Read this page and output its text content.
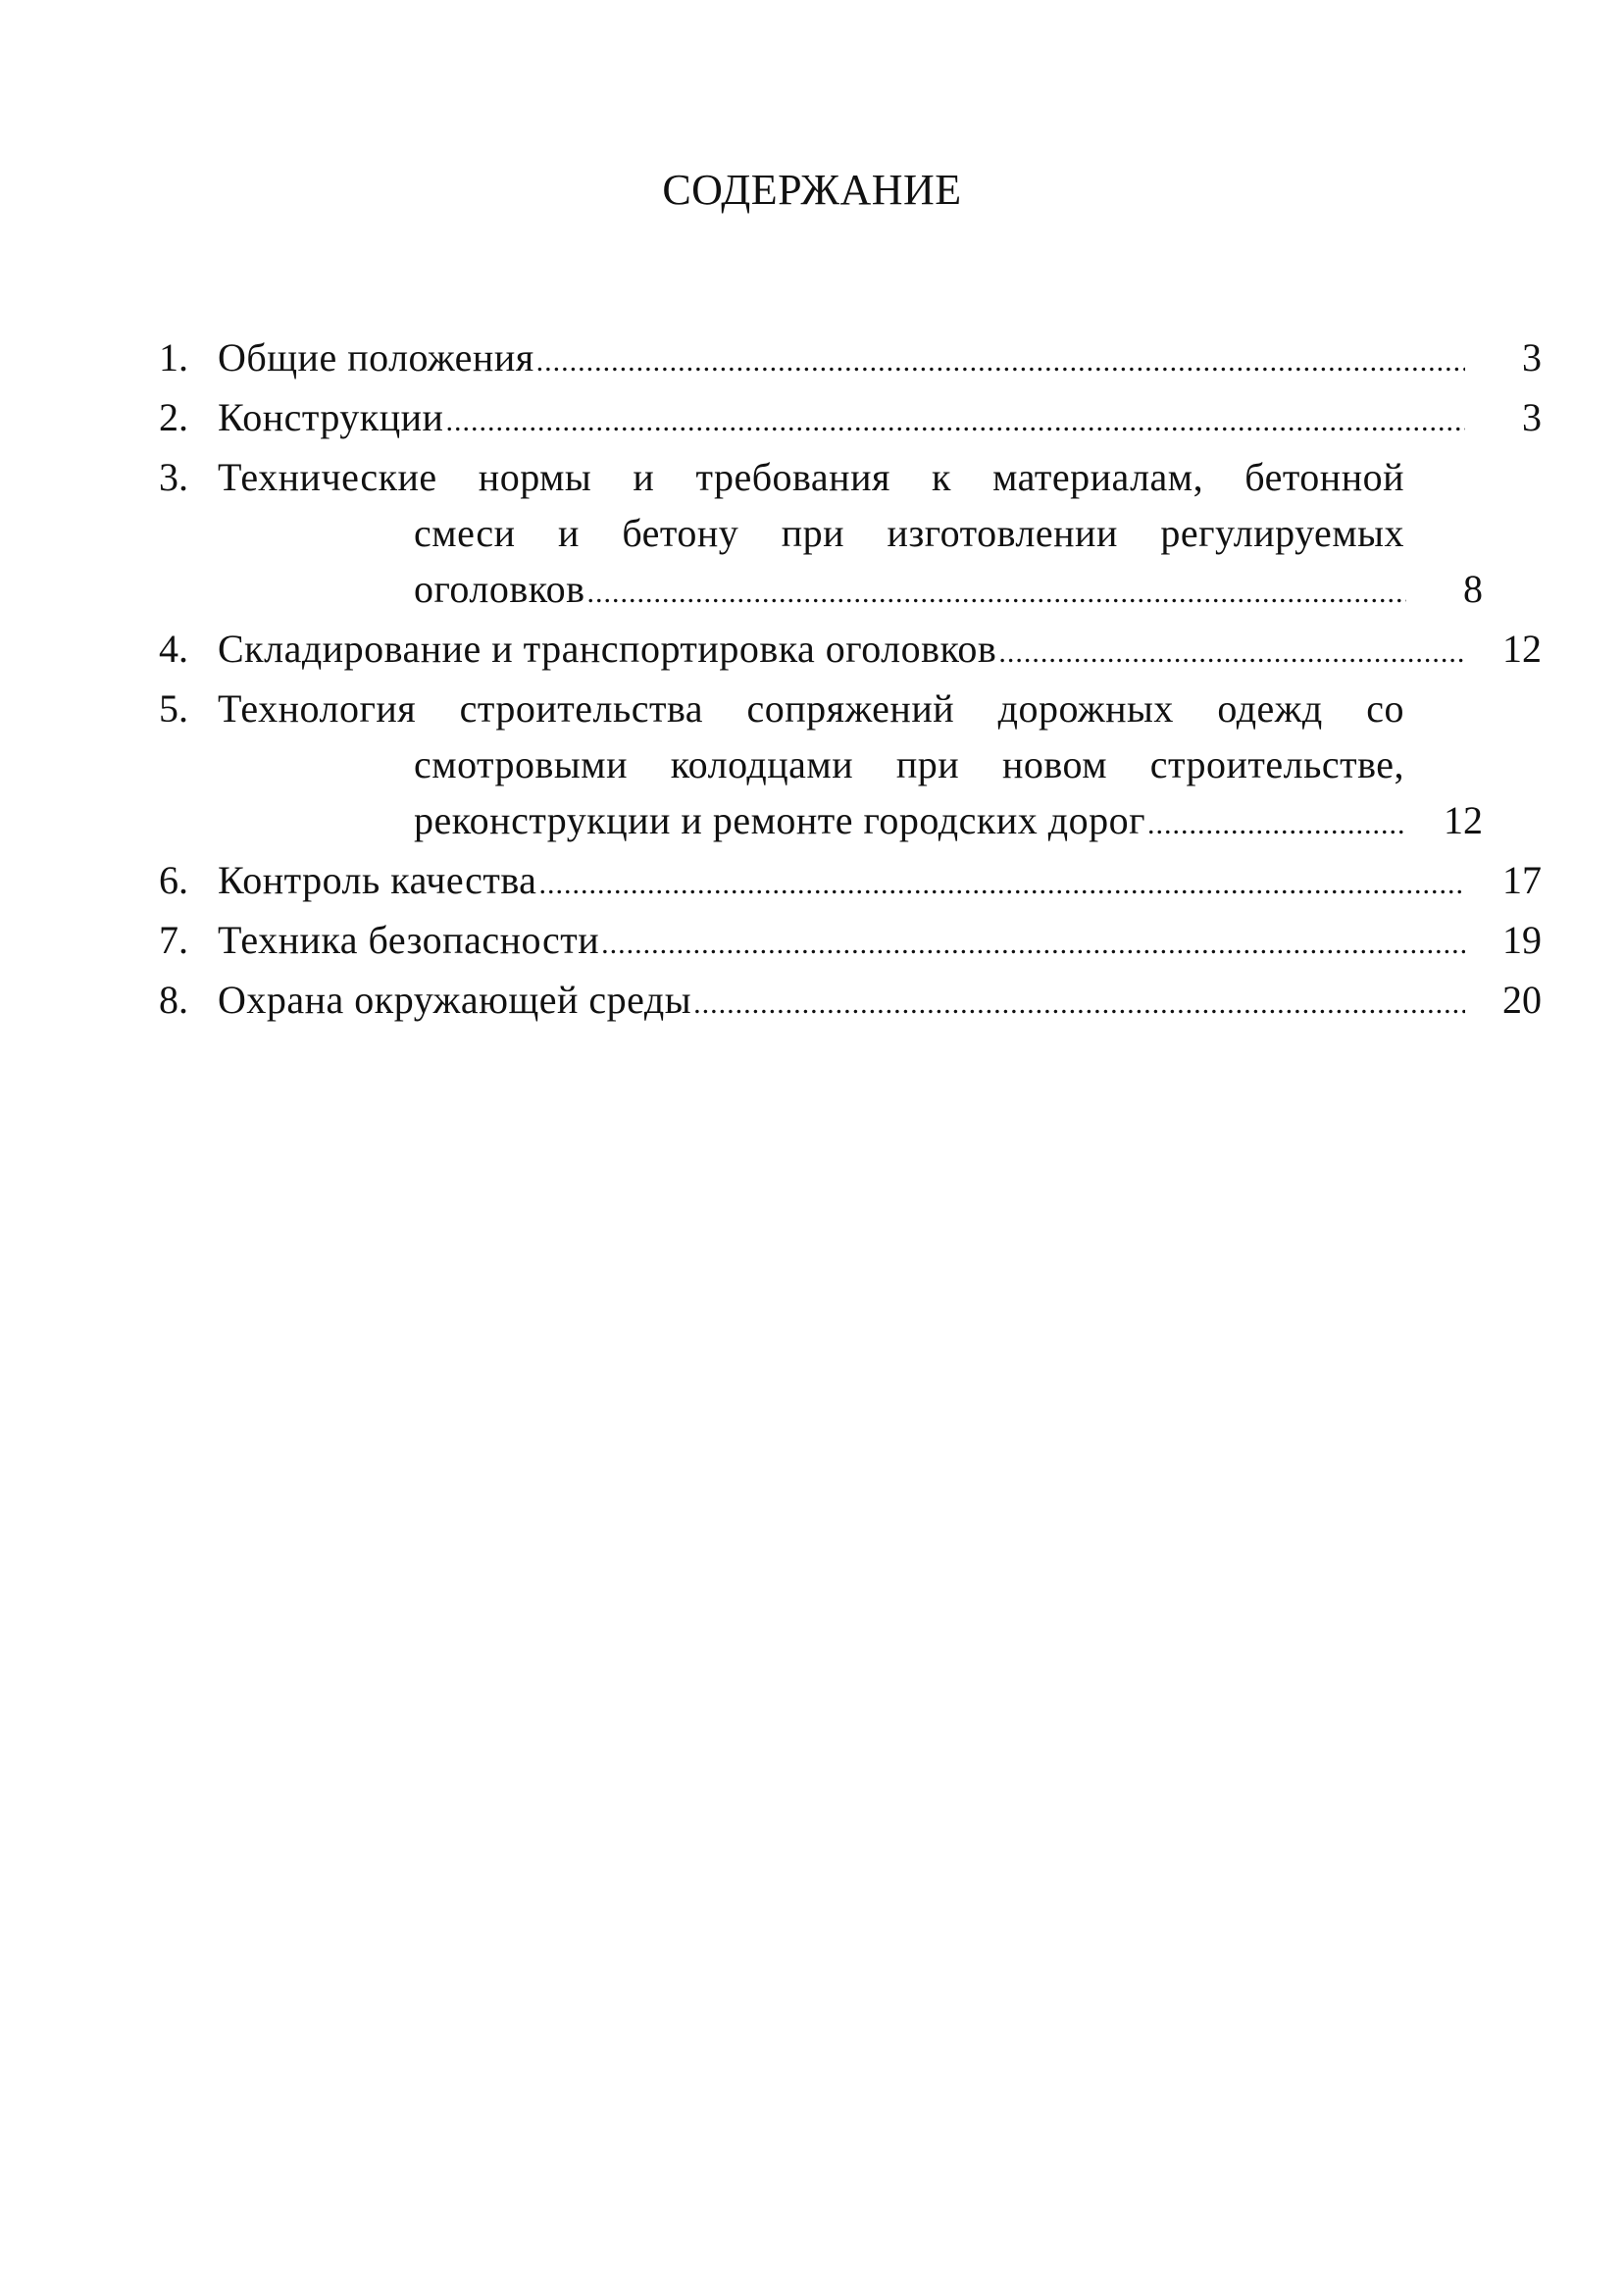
СОДЕРЖАНИЕ
1. Общие положения .....	3
2. Конструкции .....	3
3. Технические нормы и требования к материалам, бетонной
смеси и бетону при изготовлении регулируемых
оголовков .....	8
4. Складирование и транспортировка оголовков .....	12
5. Технология строительства сопряжений дорожных одежд со
смотровыми колодцами при новом строительстве,
реконструкции и ремонте городских дорог .....	12
6. Контроль качества .....	17
7. Техника безопасности .....	19
8. Охрана окружающей среды .....	20
